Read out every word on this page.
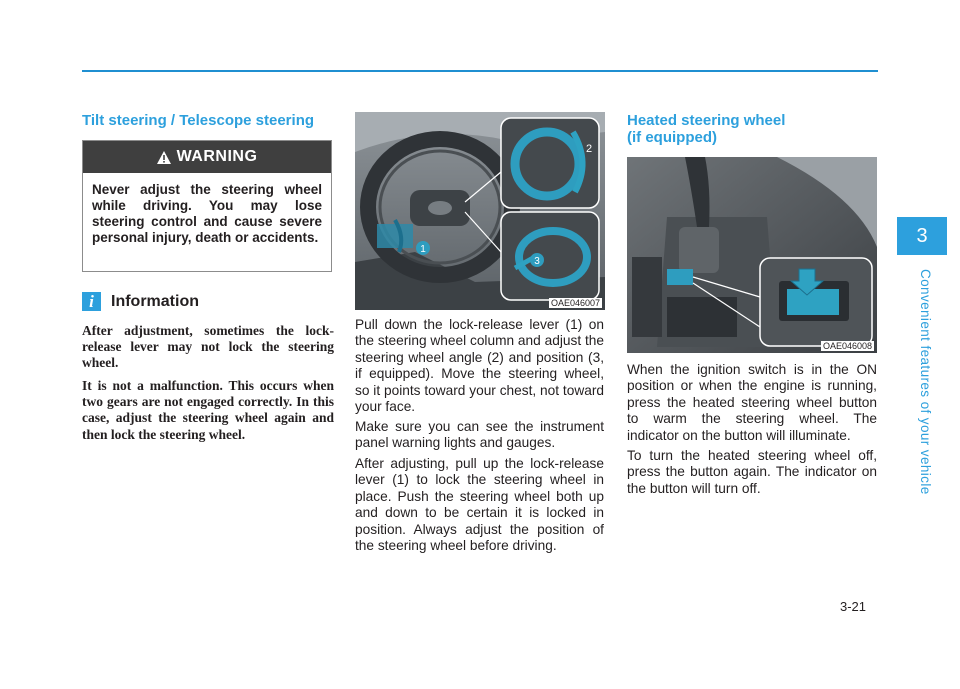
3
Convenient features of your vehicle
Tilt steering / Telescope steering
WARNING
Never adjust the steering wheel while driving. You may lose steering control and cause severe personal injury, death or accidents.
i	Information
After adjustment, sometimes the lock-release lever may not lock the steering wheel.
It is not a malfunction. This occurs when two gears are not engaged correctly. In this case, adjust the steering wheel again and then lock the steering wheel.
1
2
3
OAE046007
Pull down the lock-release lever (1) on the steering wheel column and adjust the steering wheel angle (2) and position (3, if equipped). Move the steering wheel, so it points toward your chest, not toward your face.
Make sure you can see the instrument panel warning lights and gauges.
After adjusting, pull up the lock-release lever (1) to lock the steering wheel in place. Push the steering wheel both up and down to be certain it is locked in position. Always adjust the position of the steering wheel before driving.
Heated steering wheel
(if equipped)
OAE046008
When the ignition switch is in the ON position or when the engine is running, press the heated steering wheel button to warm the steering wheel. The indicator on the button will illuminate.
To turn the heated steering wheel off, press the button again. The indicator on the button will turn off.
3-21
